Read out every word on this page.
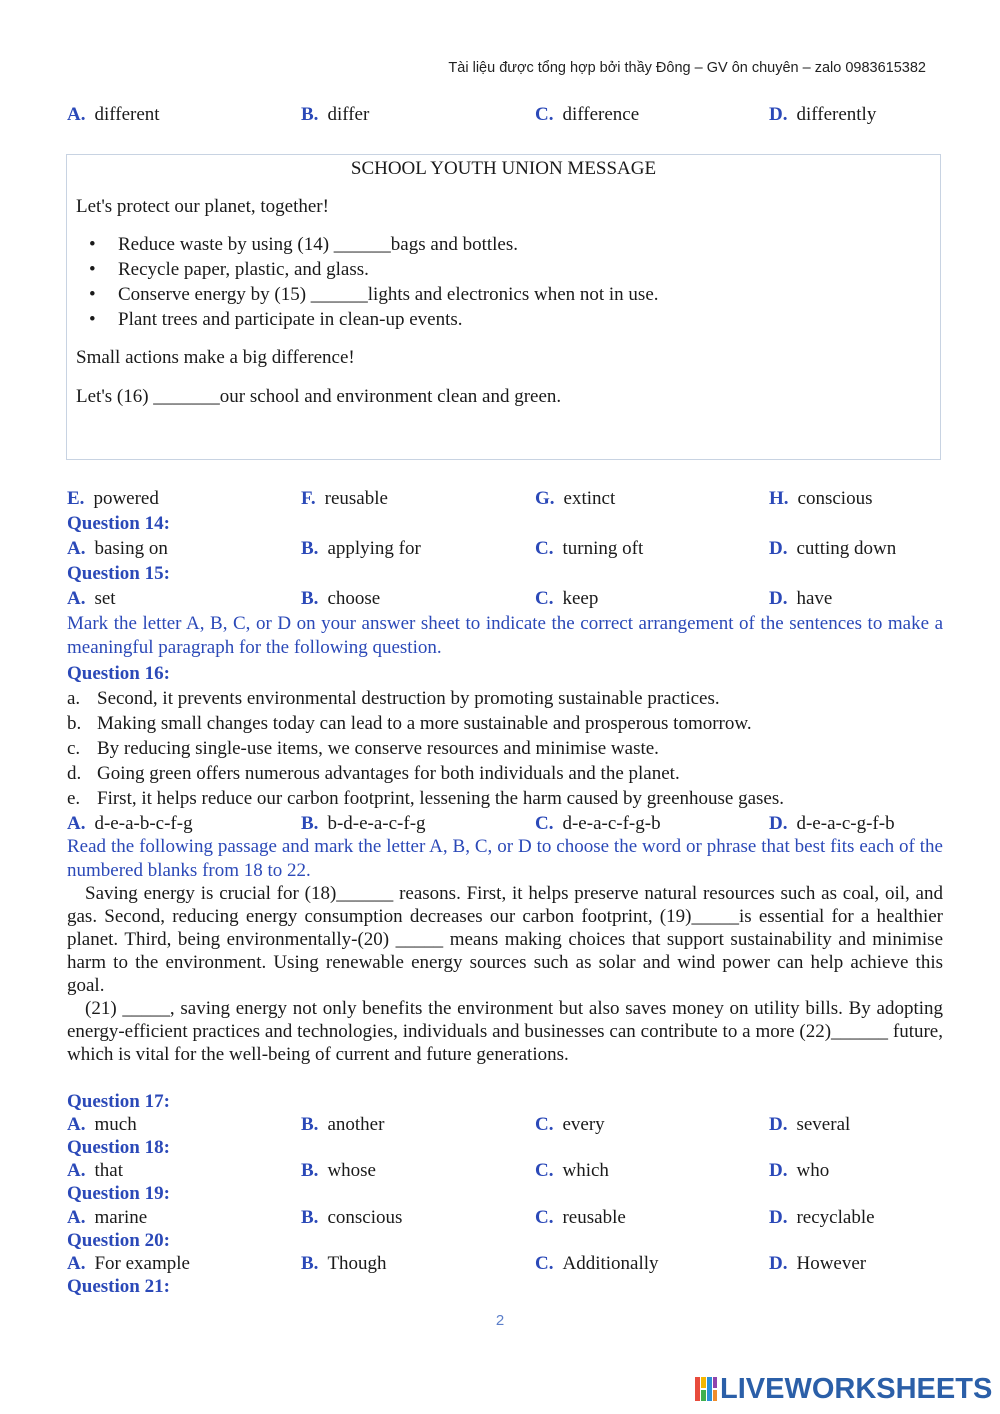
Tài liệu được tổng hợp bởi thầy Đông – GV ôn chuyên – zalo 0983615382
A. different	B. differ	C. difference	D. differently
SCHOOL YOUTH UNION MESSAGE
Let's protect our planet, together!
• Reduce waste by using (14) ______bags and bottles.
• Recycle paper, plastic, and glass.
• Conserve energy by (15) ______lights and electronics when not in use.
• Plant trees and participate in clean-up events.
Small actions make a big difference!
Let's (16) _______our school and environment clean and green.
E. powered	F. reusable	G. extinct	H. conscious
Question 14:
A. basing on	B. applying for	C. turning oft	D. cutting down
Question 15:
A. set	B. choose	C. keep	D. have
Mark the letter A, B, C, or D on your answer sheet to indicate the correct arrangement of the sentences to make a meaningful paragraph for the following question.
Question 16:
a. Second, it prevents environmental destruction by promoting sustainable practices.
b. Making small changes today can lead to a more sustainable and prosperous tomorrow.
c. By reducing single-use items, we conserve resources and minimise waste.
d. Going green offers numerous advantages for both individuals and the planet.
e. First, it helps reduce our carbon footprint, lessening the harm caused by greenhouse gases.
A. d-e-a-b-c-f-g	B. b-d-e-a-c-f-g	C. d-e-a-c-f-g-b	D. d-e-a-c-g-f-b
Read the following passage and mark the letter A, B, C, or D to choose the word or phrase that best fits each of the numbered blanks from 18 to 22.

Saving energy is crucial for (18)______ reasons. First, it helps preserve natural resources such as coal, oil, and gas. Second, reducing energy consumption decreases our carbon footprint, (19)_____is essential for a healthier planet. Third, being environmentally-(20) _____ means making choices that support sustainability and minimise harm to the environment. Using renewable energy sources such as solar and wind power can help achieve this goal.

(21) _____, saving energy not only benefits the environment but also saves money on utility bills. By adopting energy-efficient practices and technologies, individuals and businesses can contribute to a more (22)______ future, which is vital for the well-being of current and future generations.

Question 17:
A. much	B. another	C. every	D. several
Question 18:
A. that	B. whose	C. which	D. who
Question 19:
A. marine	B. conscious	C. reusable	D. recyclable
Question 20:
A. For example	B. Though	C. Additionally	D. However
Question 21:
2
LIVEWORKSHEETS
